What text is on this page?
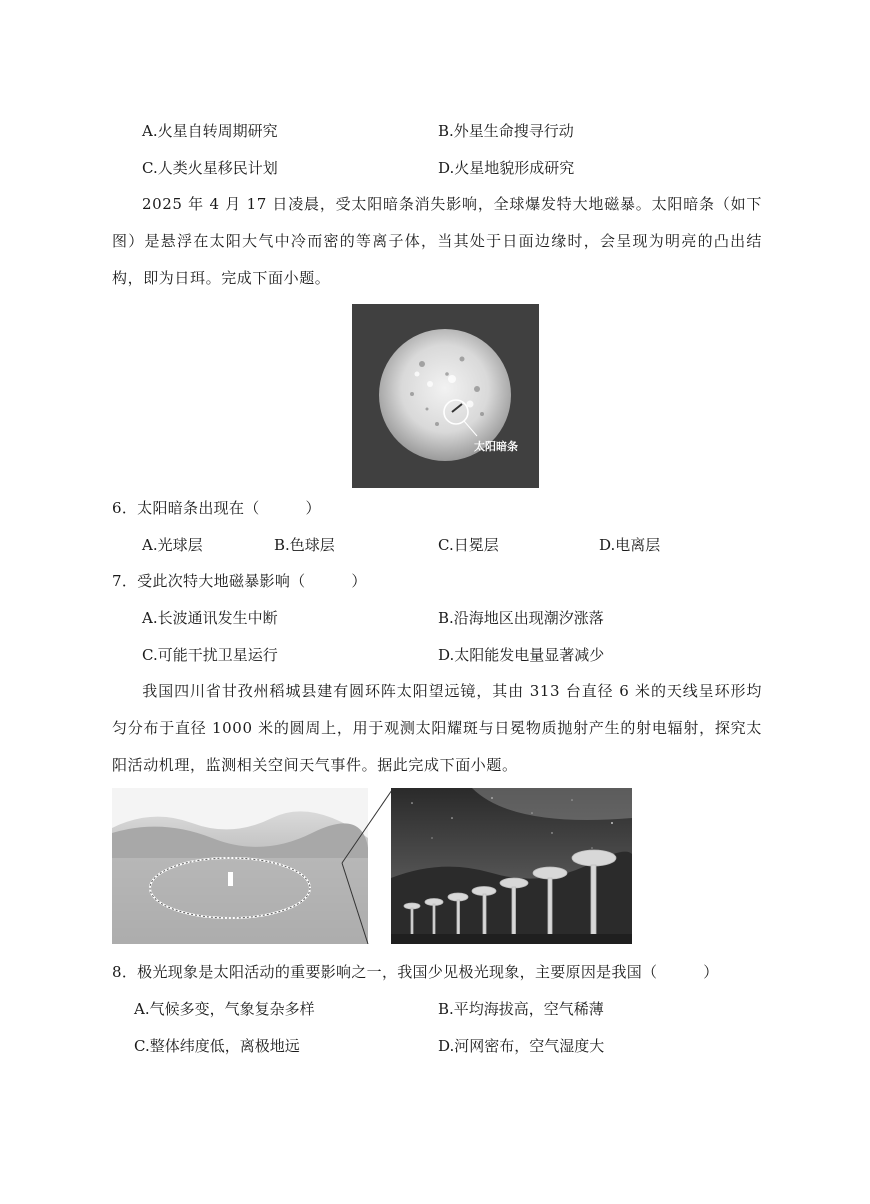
A.火星自转周期研究	B.外星生命搜寻行动
C.人类火星移民计划	D.火星地貌形成研究
2025 年 4 月 17 日凌晨，受太阳暗条消失影响，全球爆发特大地磁暴。太阳暗条（如下图）是悬浮在太阳大气中冷而密的等离子体，当其处于日面边缘时，会呈现为明亮的凸出结构，即为日珥。完成下面小题。
太阳暗条
6．太阳暗条出现在（　　　）
A.光球层	B.色球层	C.日冕层	D.电离层
7．受此次特大地磁暴影响（　　　）
A.长波通讯发生中断	B.沿海地区出现潮汐涨落
C.可能干扰卫星运行	D.太阳能发电量显著减少
我国四川省甘孜州稻城县建有圆环阵太阳望远镜，其由 313 台直径 6 米的天线呈环形均匀分布于直径 1000 米的圆周上，用于观测太阳耀斑与日冕物质抛射产生的射电辐射，探究太阳活动机理，监测相关空间天气事件。据此完成下面小题。
8．极光现象是太阳活动的重要影响之一，我国少见极光现象，主要原因是我国（　　　）
A.气候多变，气象复杂多样	B.平均海拔高，空气稀薄
C.整体纬度低，离极地远	D.河网密布，空气湿度大
